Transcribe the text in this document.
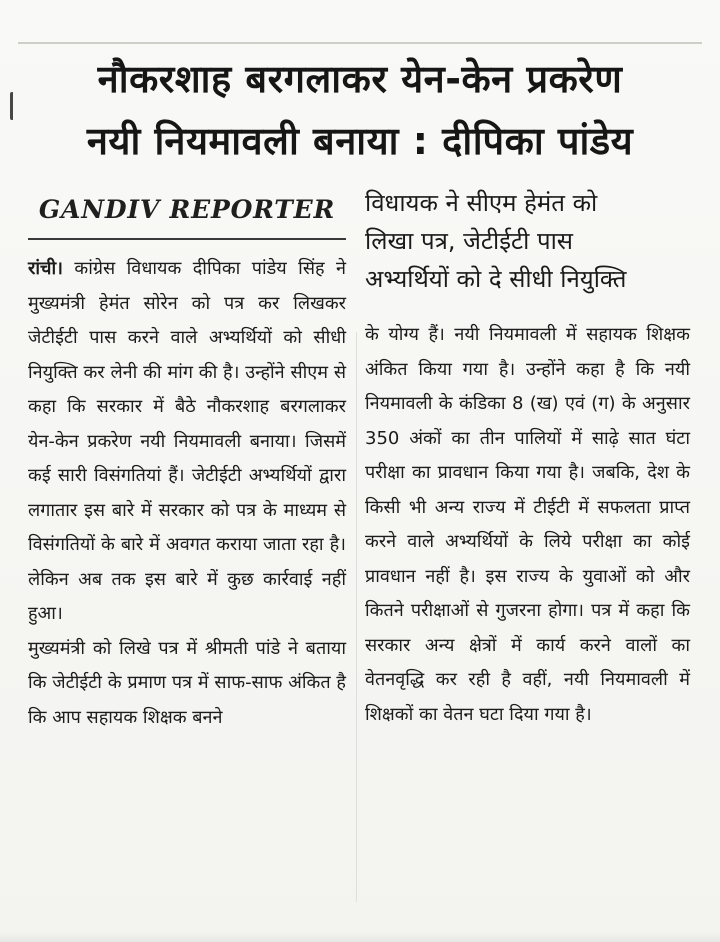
नौकरशाह बरगलाकर येन-केन प्रकरेण
नयी नियमावली बनाया : दीपिका पांडेय
GANDIV REPORTER

रांची। कांग्रेस विधायक दीपिका पांडेय सिंह ने मुख्यमंत्री हेमंत सोरेन को पत्र कर लिखकर जेटीईटी पास करने वाले अभ्यर्थियों को सीधी नियुक्ति कर लेनी की मांग की है। उन्होंने सीएम से कहा कि सरकार में बैठे नौकरशाह बरगलाकर येन-केन प्रकरेण नयी नियमावली बनाया। जिसमें कई सारी विसंगतियां हैं। जेटीईटी अभ्यर्थियों द्वारा लगातार इस बारे में सरकार को पत्र के माध्यम से विसंगतियों के बारे में अवगत कराया जाता रहा है। लेकिन अब तक इस बारे में कुछ कार्रवाई नहीं हुआ।

मुख्यमंत्री को लिखे पत्र में श्रीमती पांडे ने बताया कि जेटीईटी के प्रमाण पत्र में साफ-साफ अंकित है कि आप सहायक शिक्षक बनने

विधायक ने सीएम हेमंत को
लिखा पत्र, जेटीईटी पास
अभ्यर्थियों को दे सीधी नियुक्ति

के योग्य हैं। नयी नियमावली में सहायक शिक्षक अंकित किया गया है। उन्होंने कहा है कि नयी नियमावली के कंडिका 8 (ख) एवं (ग) के अनुसार 350 अंकों का तीन पालियों में साढ़े सात घंटा परीक्षा का प्रावधान किया गया है। जबकि, देश के किसी भी अन्य राज्य में टीईटी में सफलता प्राप्त करने वाले अभ्यर्थियों के लिये परीक्षा का कोई प्रावधान नहीं है। इस राज्य के युवाओं को और कितने परीक्षाओं से गुजरना होगा। पत्र में कहा कि सरकार अन्य क्षेत्रों में कार्य करने वालों का वेतनवृद्धि कर रही है वहीं, नयी नियमावली में शिक्षकों का वेतन घटा दिया गया है।
